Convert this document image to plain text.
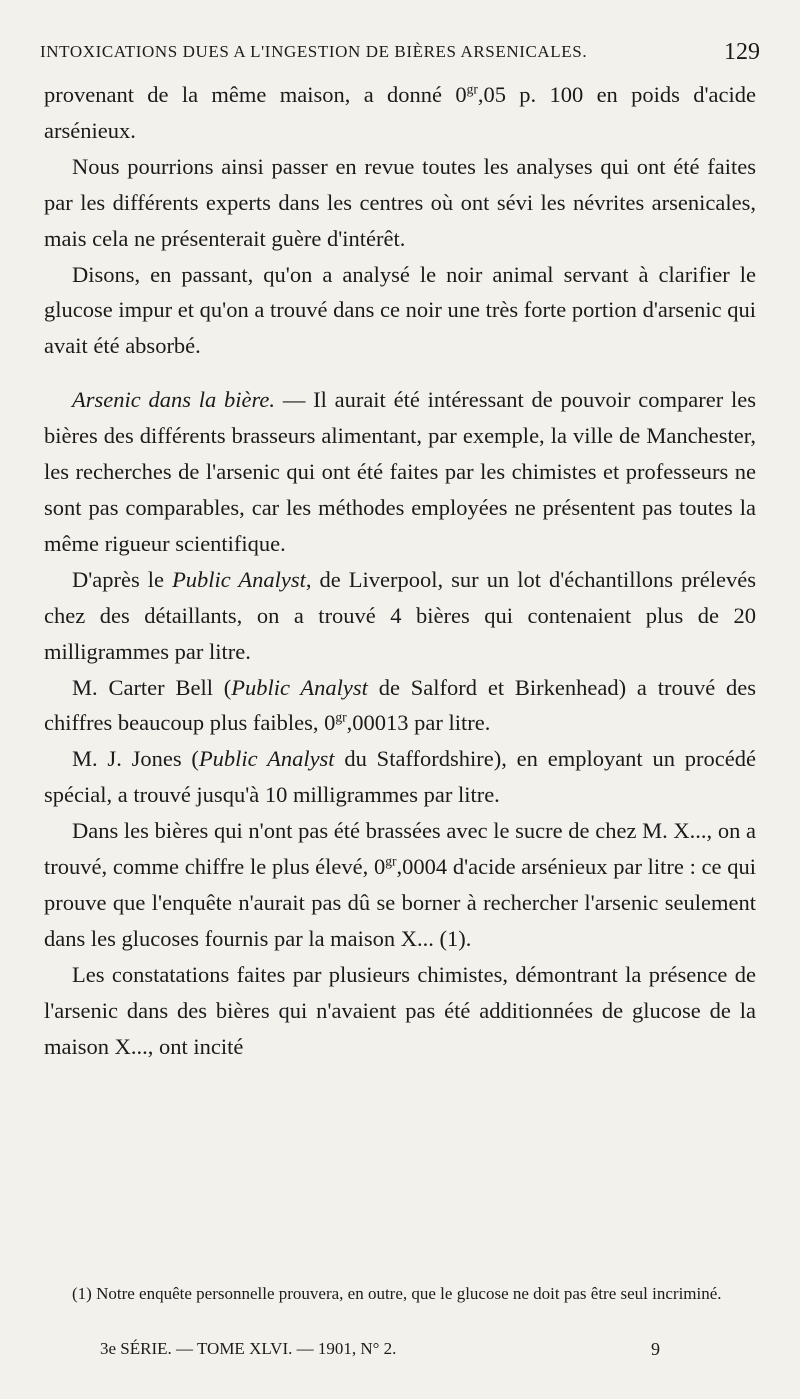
INTOXICATIONS DUES A L'INGESTION DE BIÈRES ARSENICALES.	129

provenant de la même maison, a donné $0^{gr},05$ p. 100 en poids d'acide arsénieux.

Nous pourrions ainsi passer en revue toutes les analyses qui ont été faites par les différents experts dans les centres où ont sévi les névrites arsenicales, mais cela ne présenterait guère d'intérêt.

Disons, en passant, qu'on a analysé le noir animal servant à clarifier le glucose impur et qu'on a trouvé dans ce noir une très forte portion d'arsenic qui avait été absorbé.

Arsenic dans la bière. — Il aurait été intéressant de pouvoir comparer les bières des différents brasseurs alimentant, par exemple, la ville de Manchester, les recherches de l'arsenic qui ont été faites par les chimistes et professeurs ne sont pas comparables, car les méthodes employées ne présentent pas toutes la même rigueur scientifique.

D'après le Public Analyst, de Liverpool, sur un lot d'échantillons prélevés chez des détaillants, on a trouvé 4 bières qui contenaient plus de 20 milligrammes par litre.

M. Carter Bell (Public Analyst de Salford et Birkenhead) a trouvé des chiffres beaucoup plus faibles, $0^{gr},00013$ par litre.

M. J. Jones (Public Analyst du Staffordshire), en employant un procédé spécial, a trouvé jusqu'à 10 milligrammes par litre.

Dans les bières qui n'ont pas été brassées avec le sucre de chez M. X..., on a trouvé, comme chiffre le plus élevé, $0^{gr},0004$ d'acide arsénieux par litre : ce qui prouve que l'enquête n'aurait pas dû se borner à rechercher l'arsenic seulement dans les glucoses fournis par la maison X... (1).

Les constatations faites par plusieurs chimistes, démontrant la présence de l'arsenic dans des bières qui n'avaient pas été additionnées de glucose de la maison X..., ont incité

(1) Notre enquête personnelle prouvera, en outre, que le glucose ne doit pas être seul incriminé.
3e SÉRIE. — TOME XLVI. — 1901, N° 2.	9
